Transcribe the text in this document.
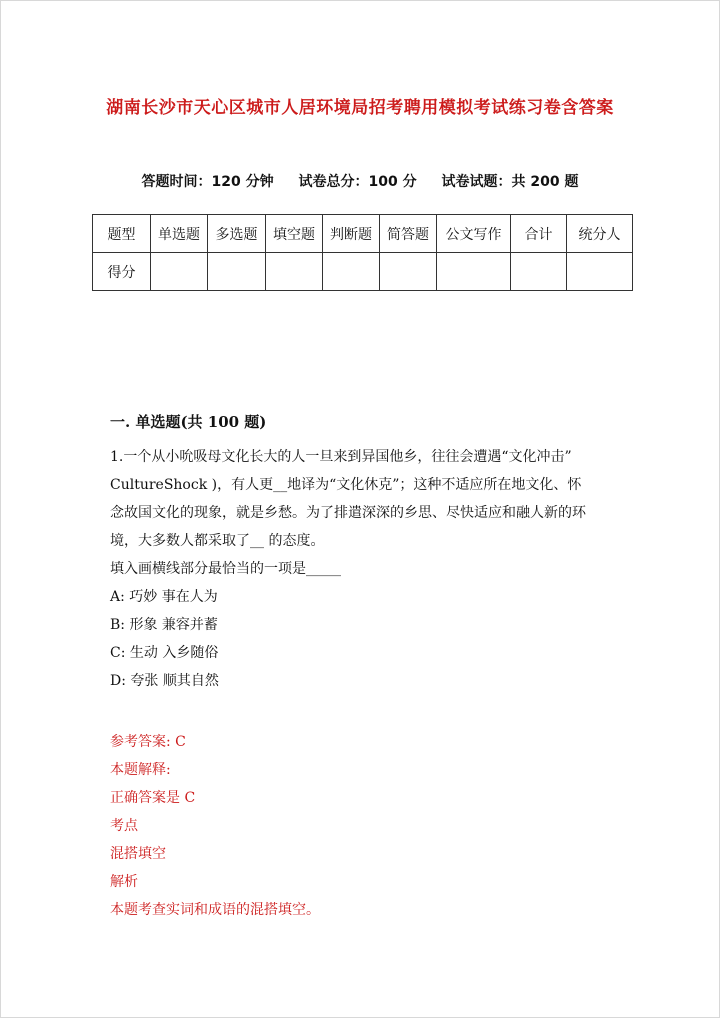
湖南长沙市天心区城市人居环境局招考聘用模拟考试练习卷含答案
答题时间：120 分钟 试卷总分：100 分 试卷试题：共 200 题
题型	单选题	多选题	填空题	判断题	简答题	公文写作	合计	统分人
得分								
一. 单选题(共 100 题)

1.一个从小吮吸母文化长大的人一旦来到异国他乡，往往会遭遇“文化冲击”

CultureShock )，有人更__地译为“文化休克”；这种不适应所在地文化、怀

念故国文化的现象，就是乡愁。为了排遣深深的乡思、尽快适应和融人新的环

境，大多数人都采取了__ 的态度。

填入画横线部分最恰当的一项是_____

A: 巧妙 事在人为

B: 形象 兼容并蓄

C: 生动 入乡随俗

D: 夸张 顺其自然

参考答案: C

本题解释:

正确答案是 C

考点

混搭填空

解析

本题考查实词和成语的混搭填空。
